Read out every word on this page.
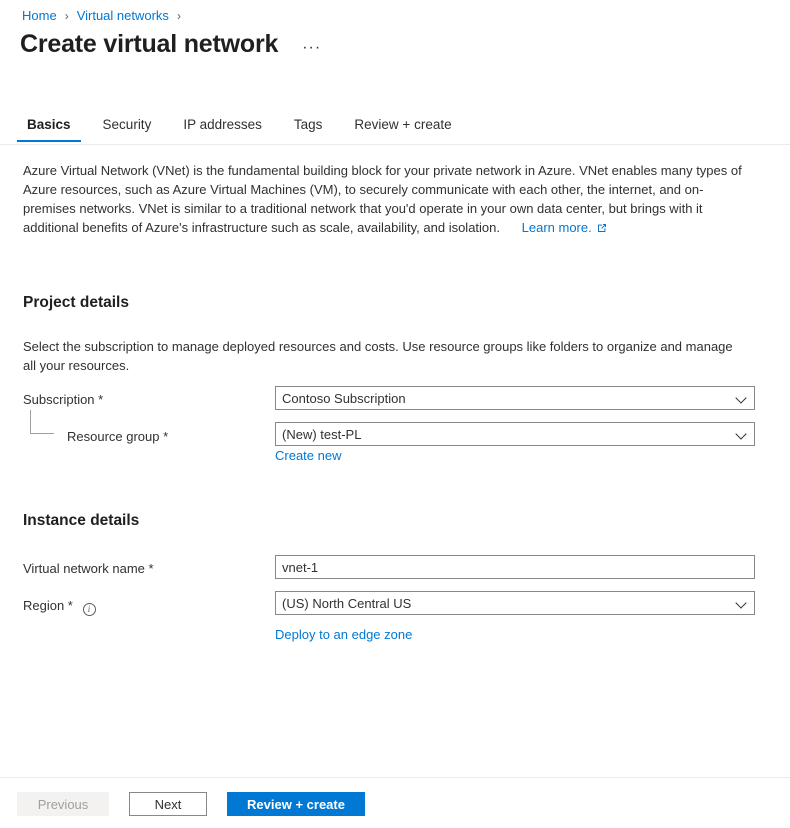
Home › Virtual networks ›
Create virtual network ···
Basics	Security	IP addresses	Tags	Review + create
Azure Virtual Network (VNet) is the fundamental building block for your private network in Azure. VNet enables many types of Azure resources, such as Azure Virtual Machines (VM), to securely communicate with each other, the internet, and on-premises networks. VNet is similar to a traditional network that you'd operate in your own data center, but brings with it additional benefits of Azure's infrastructure such as scale, availability, and isolation. Learn more.
Project details
Select the subscription to manage deployed resources and costs. Use resource groups like folders to organize and manage all your resources.
Subscription *	Contoso Subscription
Resource group *	(New) test-PL
Create new
Instance details
Virtual network name *	vnet-1
Region * i	(US) North Central US
Deploy to an edge zone
Previous	Next	Review + create
